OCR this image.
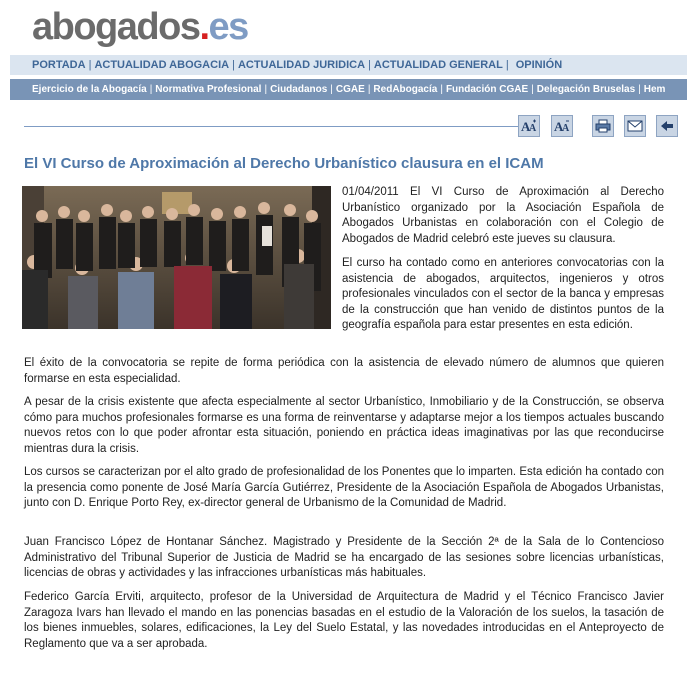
abogados.es
PORTADA | ACTUALIDAD ABOGACIA | ACTUALIDAD JURIDICA | ACTUALIDAD GENERAL | OPINIÓN
Ejercicio de la Abogacía | Normativa Profesional | Ciudadanos | CGAE | RedAbogacía | Fundación CGAE | Delegación Bruselas | Hem
A
A A
A
El VI Curso de Aproximación al Derecho Urbanístico clausura en el ICAM

01/04/2011 El VI Curso de Aproximación al Derecho Urbanístico organizado por la Asociación Española de Abogados Urbanistas en colaboración con el Colegio de Abogados de Madrid celebró este jueves su clausura.

El curso ha contado como en anteriores convocatorias con la asistencia de abogados, arquitectos, ingenieros y otros profesionales vinculados con el sector de la banca y empresas de la construcción que han venido de distintos puntos de la geografía española para estar presentes en esta edición.

El éxito de la convocatoria se repite de forma periódica con la asistencia de elevado número de alumnos que quieren formarse en esta especialidad.

A pesar de la crisis existente que afecta especialmente al sector Urbanístico, Inmobiliario y de la Construcción, se observa cómo para muchos profesionales formarse es una forma de reinventarse y adaptarse mejor a los tiempos actuales buscando nuevos retos con lo que poder afrontar esta situación, poniendo en práctica ideas imaginativas por las que reconducirse mientras dura la crisis.

Los cursos se caracterizan por el alto grado de profesionalidad de los Ponentes que lo imparten. Esta edición ha contado con la presencia como ponente de José María García Gutiérrez, Presidente de la Asociación Española de Abogados Urbanistas, junto con D. Enrique Porto Rey, ex-director general de Urbanismo de la Comunidad de Madrid.

Juan Francisco López de Hontanar Sánchez. Magistrado y Presidente de la Sección 2ª de la Sala de lo Contencioso Administrativo del Tribunal Superior de Justicia de Madrid se ha encargado de las sesiones sobre licencias urbanísticas, licencias de obras y actividades y las infracciones urbanísticas más habituales.

Federico García Erviti, arquitecto, profesor de la Universidad de Arquitectura de Madrid y el Técnico Francisco Javier Zaragoza Ivars han llevado el mando en las ponencias basadas en el estudio de la Valoración de los suelos, la tasación de los bienes inmuebles, solares, edificaciones, la Ley del Suelo Estatal, y las novedades introducidas en el Anteproyecto de Reglamento que va a ser aprobada.
